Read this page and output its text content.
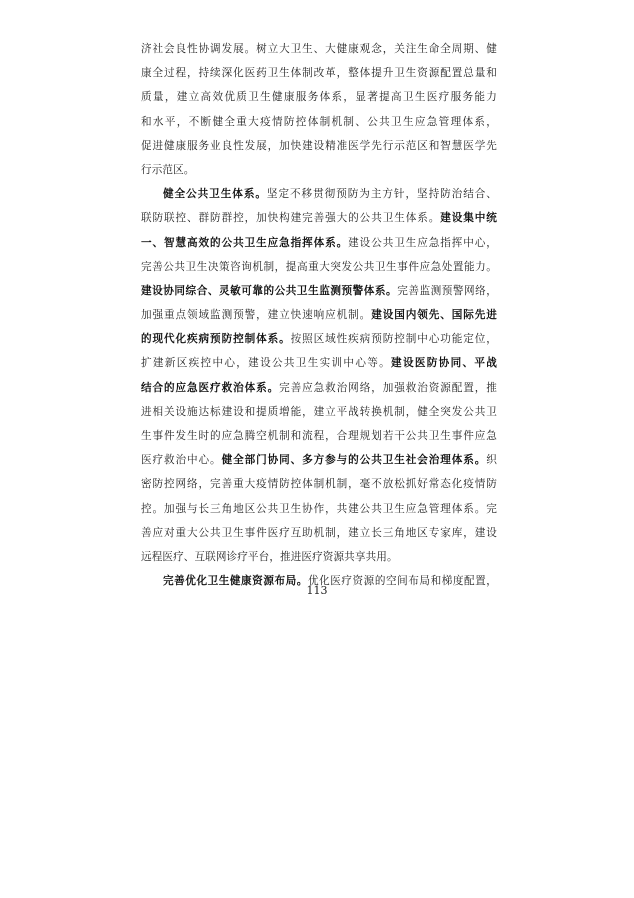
济社会良性协调发展。树立大卫生、大健康观念，关注生命全周期、健
康全过程，持续深化医药卫生体制改革，整体提升卫生资源配置总量和
质量，建立高效优质卫生健康服务体系，显著提高卫生医疗服务能力
和水平，不断健全重大疫情防控体制机制、公共卫生应急管理体系，
促进健康服务业良性发展，加快建设精准医学先行示范区和智慧医学先
行示范区。
健全公共卫生体系。坚定不移贯彻预防为主方针，坚持防治结合、
联防联控、群防群控，加快构建完善强大的公共卫生体系。建设集中统
一、智慧高效的公共卫生应急指挥体系。建设公共卫生应急指挥中心，
完善公共卫生决策咨询机制，提高重大突发公共卫生事件应急处置能力。
建设协同综合、灵敏可靠的公共卫生监测预警体系。完善监测预警网络，
加强重点领域监测预警，建立快速响应机制。建设国内领先、国际先进
的现代化疾病预防控制体系。按照区域性疾病预防控制中心功能定位，
扩建新区疾控中心，建设公共卫生实训中心等。建设医防协同、平战
结合的应急医疗救治体系。完善应急救治网络，加强救治资源配置，推
进相关设施达标建设和提质增能，建立平战转换机制，健全突发公共卫
生事件发生时的应急腾空机制和流程，合理规划若干公共卫生事件应急
医疗救治中心。健全部门协同、多方参与的公共卫生社会治理体系。织
密防控网络，完善重大疫情防控体制机制，毫不放松抓好常态化疫情防
控。加强与长三角地区公共卫生协作，共建公共卫生应急管理体系。完
善应对重大公共卫生事件医疗互助机制，建立长三角地区专家库，建设
远程医疗、互联网诊疗平台，推进医疗资源共享共用。
完善优化卫生健康资源布局。优化医疗资源的空间布局和梯度配置，
113
